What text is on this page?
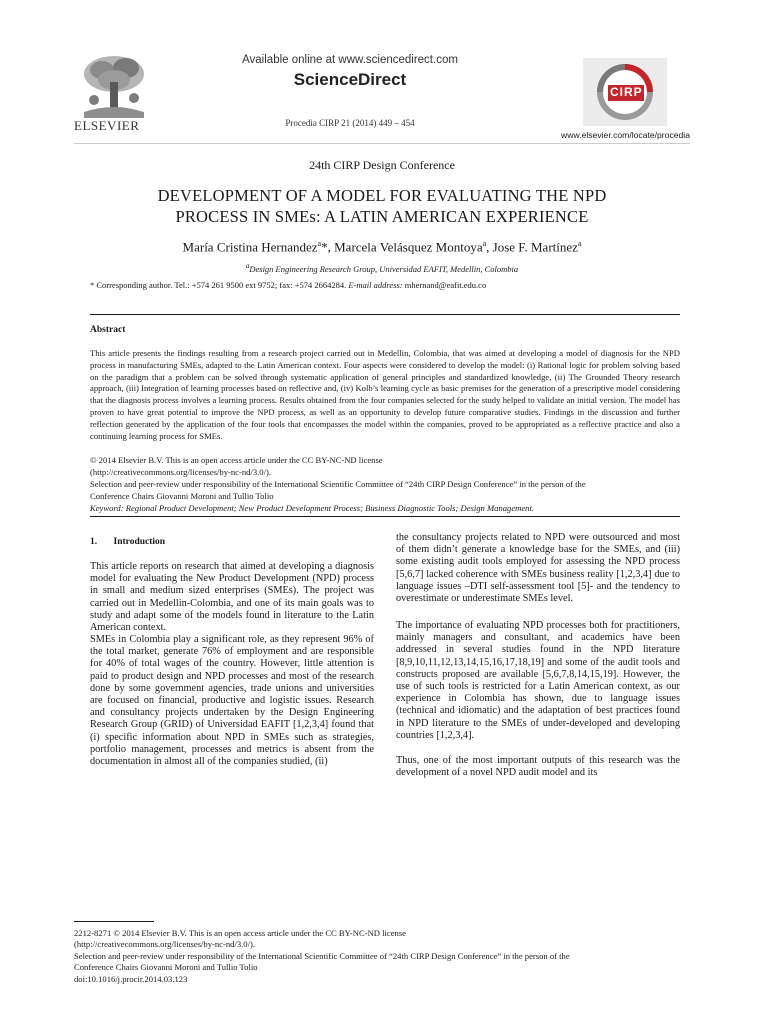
ELSEVIER
Available online at www.sciencedirect.com
ScienceDirect
Procedia CIRP 21 (2014) 449 – 454
CIRP
www.elsevier.com/locate/procedia
24th CIRP Design Conference
DEVELOPMENT OF A MODEL FOR EVALUATING THE NPD
PROCESS IN SMEs: A LATIN AMERICAN EXPERIENCE
María Cristina Hernandez$^a$*, Marcela Velásquez Montoya$^a$, Jose F. Martínez$^a$
$^a$Design Engineering Research Group, Universidad EAFIT, Medellin, Colombia
* Corresponding author. Tel.: +574 261 9500 ext 9752; fax: +574 2664284. E-mail address: mhernand@eafit.edu.co
Abstract

This article presents the findings resulting from a research project carried out in Medellin, Colombia, that was aimed at developing a model of diagnosis for the NPD process in manufacturing SMEs, adapted to the Latin American context. Four aspects were considered to develop the model: (i) Rational logic for problem solving based on the paradigm that a problem can be solved through systematic application of general principles and standardized knowledge, (ii) The Grounded Theory research approach, (iii) Integration of learning processes based on reflective and, (iv) Kolb’s learning cycle as basic premises for the generation of a prescriptive model considering that the diagnosis process involves a learning process. Results obtained from the four companies selected for the study helped to validate an initial version. The model has proven to have great potential to improve the NPD process, as well as an opportunity to develop future comparative studies. Findings in the discussion and further reflection generated by the application of the four tools that encompasses the model within the companies, proved to be appropriated as a reflective practice and also a continuing learning process for SMEs.

© 2014 Elsevier B.V. This is an open access article under the CC BY-NC-ND license
(http://creativecommons.org/licenses/by-nc-nd/3.0/).
Selection and peer-review under responsibility of the International Scientific Committee of “24th CIRP Design Conference” in the person of the
Conference Chairs Giovanni Moroni and Tullio Tolio
Keyword: Regional Product Development; New Product Development Process; Business Diagnostic Tools; Design Management.
1. Introduction

This article reports on research that aimed at developing a diagnosis model for evaluating the New Product Development (NPD) process in small and medium sized enterprises (SMEs). The project was carried out in Medellin-Colombia, and one of its main goals was to study and adapt some of the models found in literature to the Latin American context.

SMEs in Colombia play a significant role, as they represent 96% of the total market, generate 76% of employment and are responsible for 40% of total wages of the country. However, little attention is paid to product design and NPD processes and most of the research done by some government agencies, trade unions and universities are focused on financial, productive and logistic issues. Research and consultancy projects undertaken by the Design Engineering Research Group (GRID) of Universidad EAFIT [1,2,3,4] found that (i) specific information about NPD in SMEs such as strategies, portfolio management, processes and metrics is absent from the documentation in almost all of the companies studied, (ii)

the consultancy projects related to NPD were outsourced and most of them didn’t generate a knowledge base for the SMEs, and (iii) some existing audit tools employed for assessing the NPD process [5,6,7] lacked coherence with SMEs business reality [1,2,3,4] due to language issues –DTI self-assessment tool [5]- and the tendency to overestimate or underestimate SMEs level.

The importance of evaluating NPD processes both for practitioners, mainly managers and consultant, and academics have been addressed in several studies found in the NPD literature [8,9,10,11,12,13,14,15,16,17,18,19] and some of the audit tools and constructs proposed are available [5,6,7,8,14,15,19]. However, the use of such tools is restricted for a Latin American context, as our experience in Colombia has shown, due to language issues (technical and idiomatic) and the adaptation of best practices found in NPD literature to the SMEs of under-developed and developing countries [1,2,3,4].

Thus, one of the most important outputs of this research was the development of a novel NPD audit model and its

2212-8271 © 2014 Elsevier B.V. This is an open access article under the CC BY-NC-ND license
(http://creativecommons.org/licenses/by-nc-nd/3.0/).
Selection and peer-review under responsibility of the International Scientific Committee of “24th CIRP Design Conference” in the person of the
Conference Chairs Giovanni Moroni and Tullio Tolio
doi:10.1016/j.procir.2014.03.123
